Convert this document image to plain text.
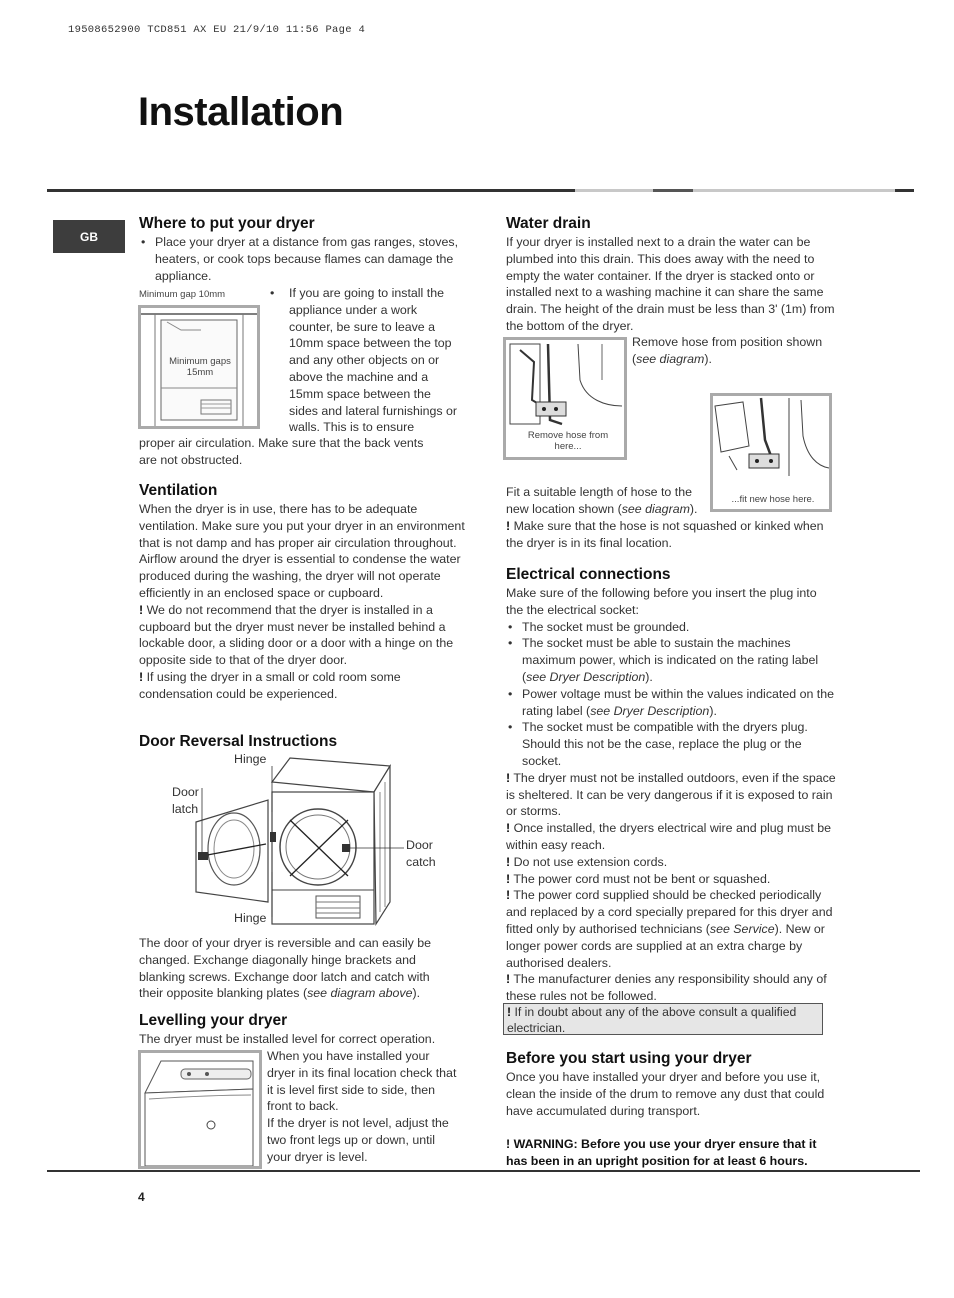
19508652900 TCD851 AX EU 21/9/10 11:56 Page 4
Installation
GB
Where to put your dryer
• Place your dryer at a distance from gas ranges, stoves, heaters, or cook tops because flames can damage the appliance.
Minimum gap 10mm
Minimum gaps 15mm
• If you are going to install the appliance under a work counter, be sure to leave a 10mm space between the top and any other objects on or above the machine and a 15mm space between the sides and lateral furnishings or walls. This is to ensure

proper air circulation. Make sure that the back vents are not obstructed.

Ventilation

When the dryer is in use, there has to be adequate ventilation. Make sure you put your dryer in an environment that is not damp and has proper air circulation throughout. Airflow around the dryer is essential to condense the water produced during the washing, the dryer will not operate efficiently in an enclosed space or cupboard.

! We do not recommend that the dryer is installed in a cupboard but the dryer must never be installed behind a lockable door, a sliding door or a door with a hinge on the opposite side to that of the dryer door.

! If using the dryer in a small or cold room some condensation could be experienced.

Door Reversal Instructions
Hinge
Door latch
Door catch
Hinge

The door of your dryer is reversible and can easily be changed. Exchange diagonally hinge brackets and blanking screws. Exchange door latch and catch with their opposite blanking plates (see diagram above).

Levelling your dryer

The dryer must be installed level for correct operation.

When you have installed your dryer in its final location check that it is level first side to side, then front to back.

If the dryer is not level, adjust the two front legs up or down, until your dryer is level.

Water drain

If your dryer is installed next to a drain the water can be plumbed into this drain. This does away with the need to empty the water container. If the dryer is stacked onto or installed next to a washing machine it can share the same drain. The height of the drain must be less than 3' (1m) from the bottom of the dryer.

Remove hose from here...

Remove hose from position shown (see diagram).

...fit new hose here.

Fit a suitable length of hose to the new location shown (see diagram).

! Make sure that the hose is not squashed or kinked when the dryer is in its final location.

Electrical connections

Make sure of the following before you insert the plug into the the electrical socket:

• The socket must be grounded.
• The socket must be able to sustain the machines maximum power, which is indicated on the rating label (see Dryer Description).
• Power voltage must be within the values indicated on the rating label (see Dryer Description).
• The socket must be compatible with the dryers plug. Should this not be the case, replace the plug or the socket.

! The dryer must not be installed outdoors, even if the space is sheltered. It can be very dangerous if it is exposed to rain or storms.

! Once installed, the dryers electrical wire and plug must be within easy reach.

! Do not use extension cords.

! The power cord must not be bent or squashed.

! The power cord supplied should be checked periodically and replaced by a cord specially prepared for this dryer and fitted only by authorised technicians (see Service). New or longer power cords are supplied at an extra charge by authorised dealers.

! The manufacturer denies any responsibility should any of these rules not be followed.

! If in doubt about any of the above consult a qualified electrician.
Before you start using your dryer

Once you have installed your dryer and before you use it, clean the inside of the drum to remove any dust that could have accumulated during transport.

! WARNING: Before you use your dryer ensure that it has been in an upright position for at least 6 hours.

4
